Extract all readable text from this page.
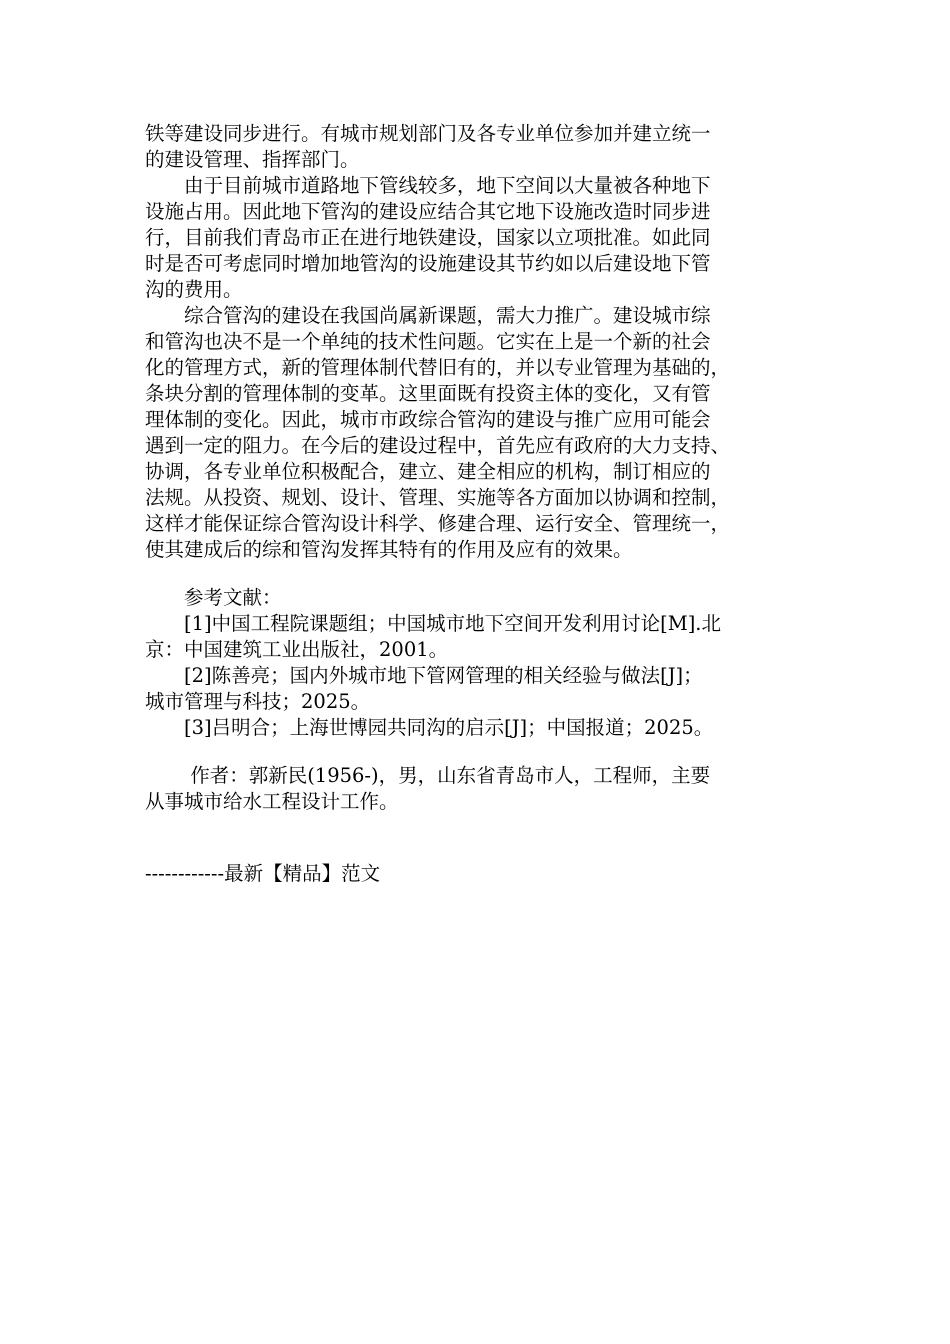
铁等建设同步进行。有城市规划部门及各专业单位参加并建立统一

的建设管理、指挥部门。

　　由于目前城市道路地下管线较多，地下空间以大量被各种地下

设施占用。因此地下管沟的建设应结合其它地下设施改造时同步进

行，目前我们青岛市正在进行地铁建设，国家以立项批准。如此同

时是否可考虑同时增加地管沟的设施建设其节约如以后建设地下管

沟的费用。

　　综合管沟的建设在我国尚属新课题，需大力推广。建设城市综

和管沟也决不是一个单纯的技术性问题。它实在上是一个新的社会

化的管理方式，新的管理体制代替旧有的，并以专业管理为基础的，

条块分割的管理体制的变革。这里面既有投资主体的变化，又有管

理体制的变化。因此，城市市政综合管沟的建设与推广应用可能会

遇到一定的阻力。在今后的建设过程中，首先应有政府的大力支持、

协调，各专业单位积极配合，建立、建全相应的机构，制订相应的

法规。从投资、规划、设计、管理、实施等各方面加以协调和控制，

这样才能保证综合管沟设计科学、修建合理、运行安全、管理统一，

使其建成后的综和管沟发挥其特有的作用及应有的效果。

　　参考文献：

　　[1]中国工程院课题组；中国城市地下空间开发利用讨论[M].北

京：中国建筑工业出版社，2001。

　　[2]陈善亮；国内外城市地下管网管理的相关经验与做法[J]；

城市管理与科技；2025。

　　[3]吕明合；上海世博园共同沟的启示[J]；中国报道；2025。

　　 作者：郭新民(1956-)，男，山东省青岛市人，工程师，主要

从事城市给水工程设计工作。

------------最新【精品】范文
